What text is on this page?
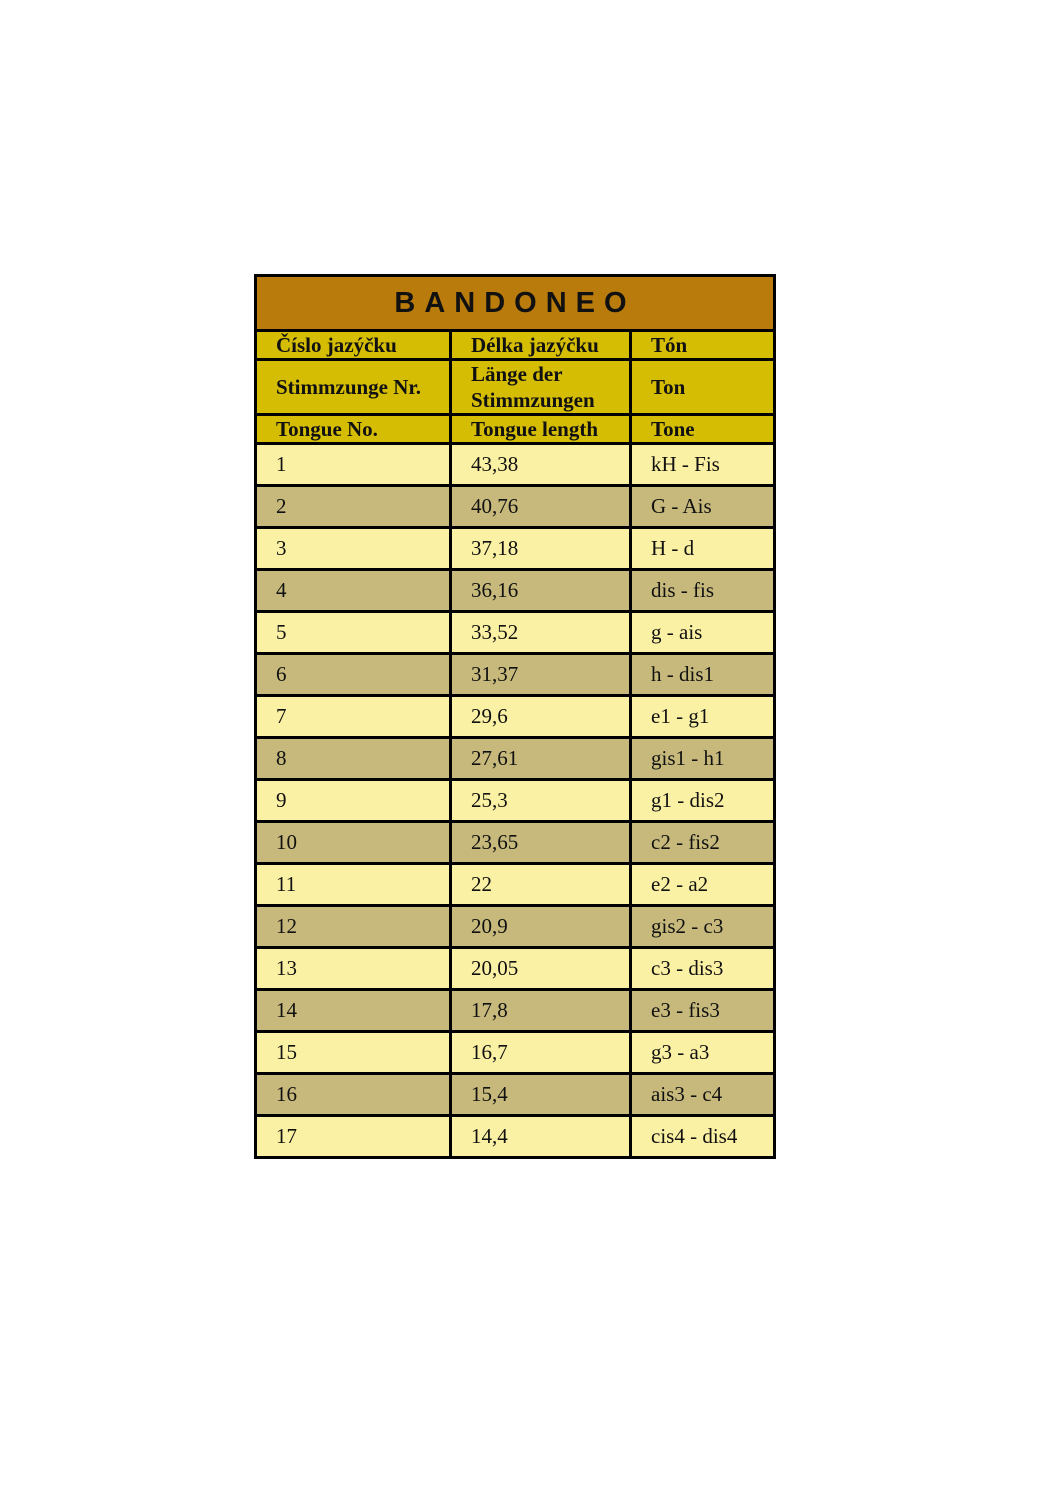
BANDONEO		
Číslo jazýčku	Délka jazýčku	Tón
Stimmzunge Nr.	Länge der Stimmzungen	Ton
Tongue No.	Tongue length	Tone
1	43,38	kH - Fis
2	40,76	G - Ais
3	37,18	H - d
4	36,16	dis - fis
5	33,52	g - ais
6	31,37	h - dis1
7	29,6	e1 - g1
8	27,61	gis1 - h1
9	25,3	g1 - dis2
10	23,65	c2 - fis2
11	22	e2 - a2
12	20,9	gis2 - c3
13	20,05	c3 - dis3
14	17,8	e3 - fis3
15	16,7	g3 - a3
16	15,4	ais3 - c4
17	14,4	cis4 - dis4
